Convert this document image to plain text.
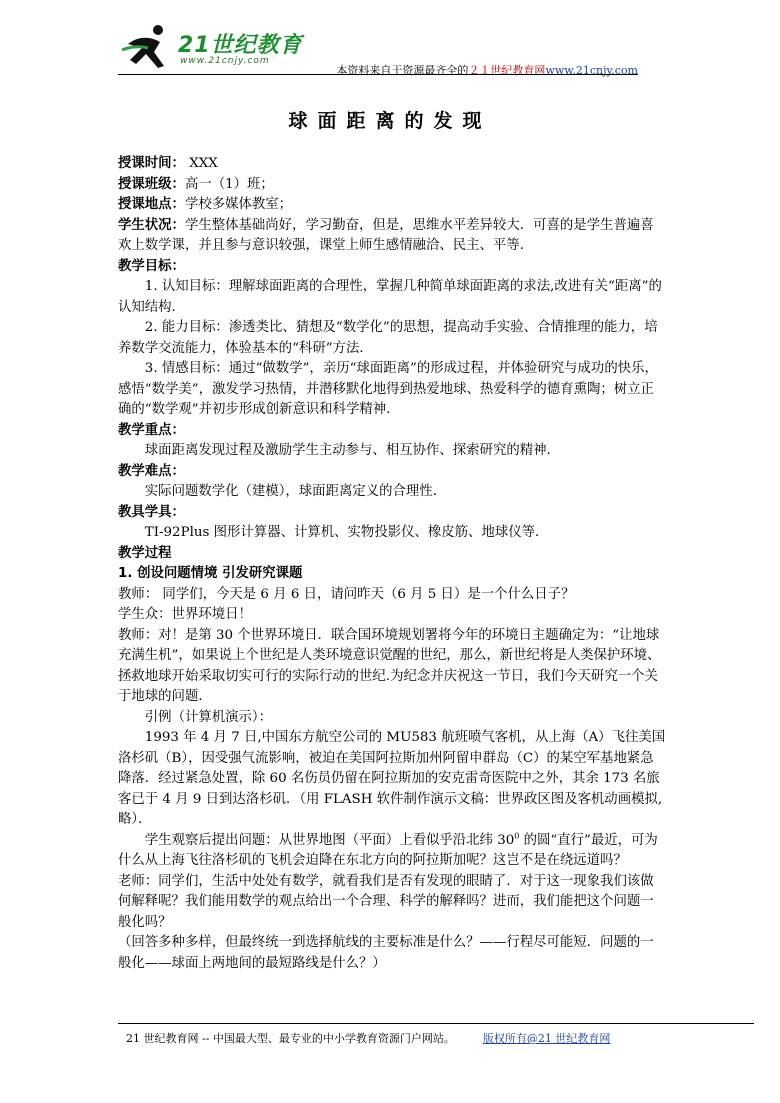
21世纪教育
www.21cnjy.com
本资料来自于资源最齐全的２１世纪教育网www.21cnjy.com
球面距离的发现

授课时间： XXX

授课班级：高一（1）班；

授课地点：学校多媒体教室；

学生状况：学生整体基础尚好，学习勤奋，但是，思维水平差异较大．可喜的是学生普遍喜欢上数学课，并且参与意识较强，课堂上师生感情融洽、民主、平等．

教学目标：

1. 认知目标：理解球面距离的合理性，掌握几种简单球面距离的求法,改进有关“距离”的认知结构．

2. 能力目标：渗透类比、猜想及“数学化”的思想，提高动手实验、合情推理的能力，培养数学交流能力，体验基本的“科研”方法．

3. 情感目标：通过“做数学”，亲历“球面距离”的形成过程，并体验研究与成功的快乐，感悟“数学美”，激发学习热情，并潜移默化地得到热爱地球、热爱科学的德育熏陶；树立正确的“数学观”并初步形成创新意识和科学精神．

教学重点：

球面距离发现过程及激励学生主动参与、相互协作、探索研究的精神．

教学难点：

实际问题数学化（建模），球面距离定义的合理性．

教具学具：

TI-92Plus 图形计算器、计算机、实物投影仪、橡皮筋、地球仪等．

教学过程

1. 创设问题情境 引发研究课题

教师： 同学们，今天是 6 月 6 日，请问昨天（6 月 5 日）是一个什么日子？

学生众：世界环境日！

教师：对！是第 30 个世界环境日．联合国环境规划署将今年的环境日主题确定为：“让地球充满生机”，如果说上个世纪是人类环境意识觉醒的世纪，那么，新世纪将是人类保护环境、拯救地球开始采取切实可行的实际行动的世纪.为纪念并庆祝这一节日，我们今天研究一个关于地球的问题．

引例（计算机演示）：

1993 年 4 月 7 日,中国东方航空公司的 MU583 航班喷气客机，从上海（A）飞往美国洛杉矶（B），因受强气流影响，被迫在美国阿拉斯加州阿留申群岛（C）的某空军基地紧急降落．经过紧急处置，除 60 名伤员仍留在阿拉斯加的安克雷奇医院中之外，其余 173 名旅客已于 4 月 9 日到达洛杉矶．（用 FLASH 软件制作演示文稿：世界政区图及客机动画模拟,略）．

学生观察后提出问题：从世界地图（平面）上看似乎沿北纬 $30^0$ 的圆“直行”最近，可为什么从上海飞往洛杉矶的飞机会迫降在东北方向的阿拉斯加呢？这岂不是在绕远道吗？

老师：同学们，生活中处处有数学，就看我们是否有发现的眼睛了．对于这一现象我们该做何解释呢？我们能用数学的观点给出一个合理、科学的解释吗？进而，我们能把这个问题一般化吗？

（回答多种多样，但最终统一到选择航线的主要标准是什么？——行程尽可能短．问题的一般化——球面上两地间的最短路线是什么？）

21 世纪教育网 -- 中国最大型、最专业的中小学教育资源门户网站。	版权所有@21 世纪教育网
